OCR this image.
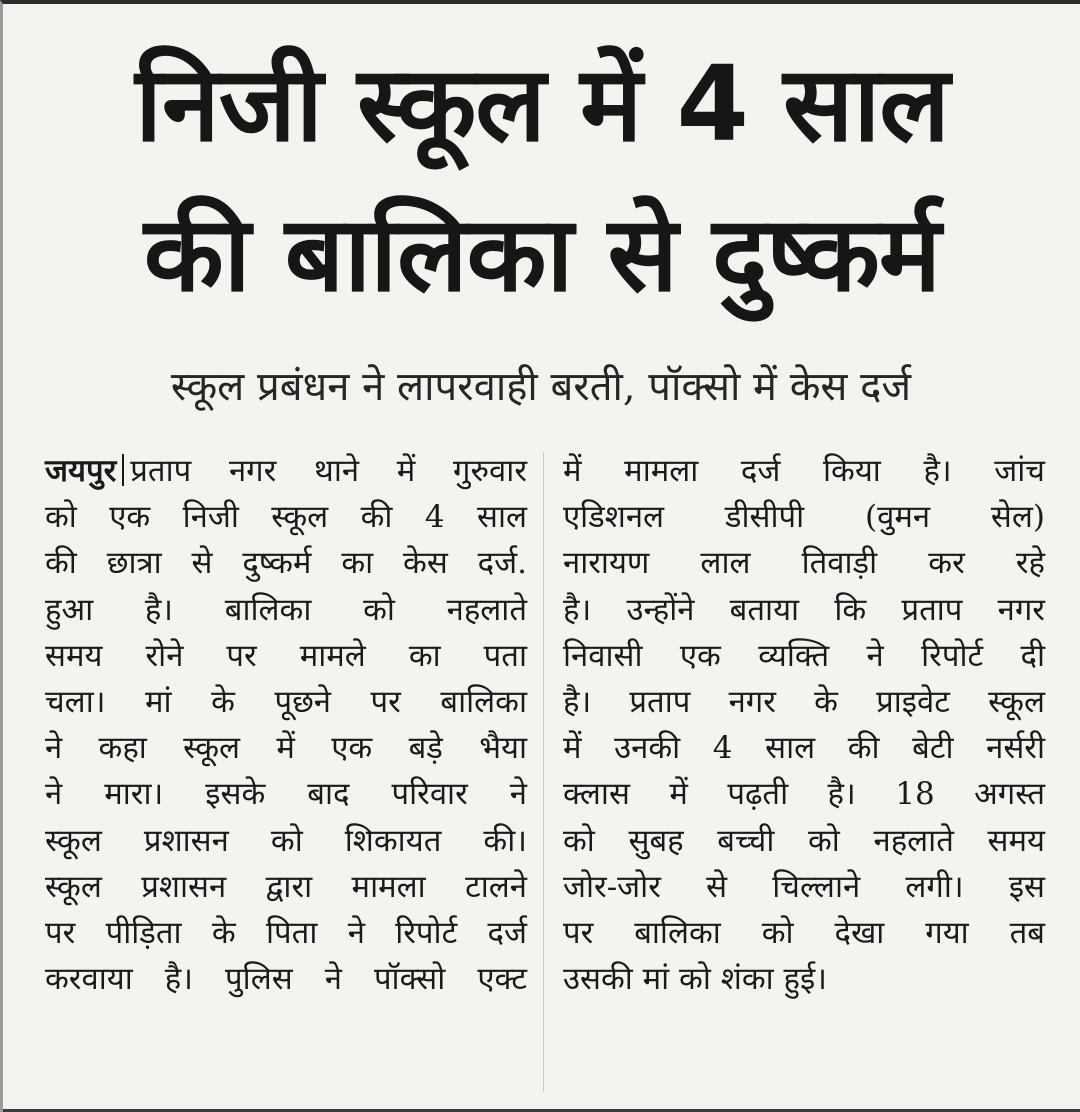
निजी स्कूल में 4 साल
की बालिका से दुष्कर्म
स्कूल प्रबंधन ने लापरवाही बरती, पॉक्सो में केस दर्ज
जयपुर प्रताप नगर थाने में गुरुवार
को एक निजी स्कूल की 4 साल
की छात्रा से दुष्कर्म का केस दर्ज.
हुआ है। बालिका को नहलाते
समय रोने पर मामले का पता
चला। मां के पूछने पर बालिका
ने कहा स्कूल में एक बड़े भैया
ने मारा। इसके बाद परिवार ने
स्कूल प्रशासन को शिकायत की।
स्कूल प्रशासन द्वारा मामला टालने
पर पीड़िता के पिता ने रिपोर्ट दर्ज
करवाया है। पुलिस ने पॉक्सो एक्ट
में मामला दर्ज किया है। जांच
एडिशनल डीसीपी (वुमन सेल)
नारायण लाल तिवाड़ी कर रहे
है। उन्होंने बताया कि प्रताप नगर
निवासी एक व्यक्ति ने रिपोर्ट दी
है। प्रताप नगर के प्राइवेट स्कूल
में उनकी 4 साल की बेटी नर्सरी
क्लास में पढ़ती है। 18 अगस्त
को सुबह बच्ची को नहलाते समय
जोर-जोर से चिल्लाने लगी। इस
पर बालिका को देखा गया तब
उसकी मां को शंका हुई।
